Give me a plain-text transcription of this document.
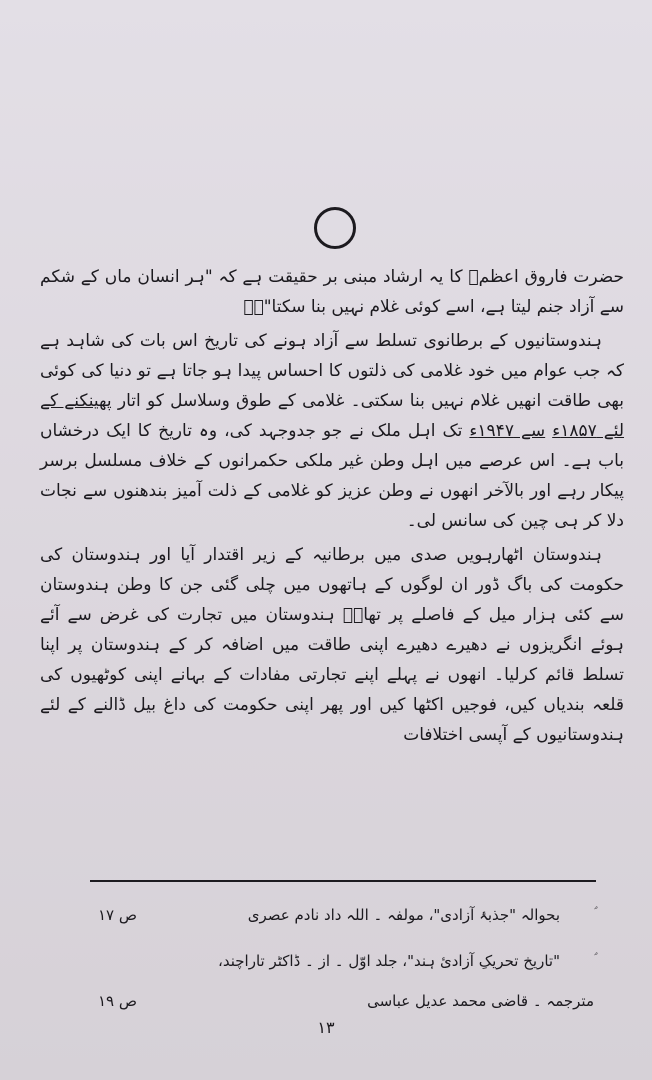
حضرت فاروق اعظمؓ کا یہ ارشاد مبنی بر حقیقت ہے کہ "ہر انسان ماں کے شکم سے آزاد جنم لیتا ہے، اسے کوئی غلام نہیں بنا سکتا"۔ؑ

ہندوستانیوں کے برطانوی تسلط سے آزاد ہونے کی تاریخ اس بات کی شاہد ہے کہ جب عوام میں خود غلامی کی ذلتوں کا احساس پیدا ہو جاتا ہے تو دنیا کی کوئی بھی طاقت انھیں غلام نہیں بنا سکتی۔ غلامی کے طوق وسلاسل کو اتار پھینکنے کے لئے ۱۸۵۷ء سے ۱۹۴۷ء تک اہل ملک نے جو جدوجہد کی، وہ تاریخ کا ایک درخشاں باب ہے۔ اس عرصے میں اہل وطن غیر ملکی حکمرانوں کے خلاف مسلسل برسر پیکار رہے اور بالآخر انھوں نے وطن عزیز کو غلامی کے ذلت آمیز بندھنوں سے نجات دلا کر ہی چین کی سانس لی۔

ہندوستان اٹھارہویں صدی میں برطانیہ کے زیر اقتدار آیا اور ہندوستان کی حکومت کی باگ ڈور ان لوگوں کے ہاتھوں میں چلی گئی جن کا وطن ہندوستان سے کئی ہزار میل کے فاصلے پر تھا۔ؑ ہندوستان میں تجارت کی غرض سے آئے ہوئے انگریزوں نے دھیرے دھیرے اپنی طاقت میں اضافہ کر کے ہندوستان پر اپنا تسلط قائم کرلیا۔ انھوں نے پہلے اپنے تجارتی مفادات کے بہانے اپنی کوٹھیوں کی قلعہ بندیاں کیں، فوجیں اکٹھا کیں اور پھر اپنی حکومت کی داغ بیل ڈالنے کے لئے ہندوستانیوں کے آپسی اختلافات

بحوالہ "جذبۂ آزادی"، مولفہ ۔ اللہ داد نادم عصری
ص ۱۷
"تاریخ تحریکِ آزادیٔ ہند"، جلد اوّل ۔ از ۔ ڈاکٹر تاراچند،
مترجمہ ۔ قاضی محمد عدیل عباسی
ص ۱۹
۱۳
